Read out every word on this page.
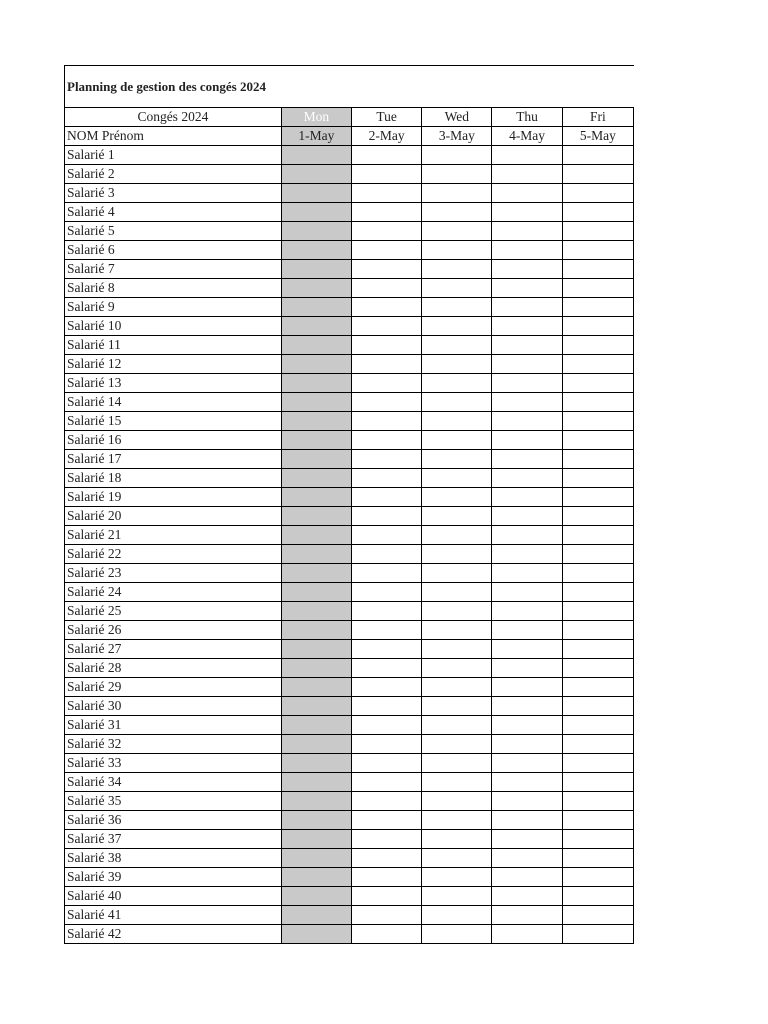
Planning de gestion des congés 2024
Congés 2024	Mon	Tue	Wed	Thu	Fri
NOM Prénom	1-May	2-May	3-May	4-May	5-May
Salarié 1					
Salarié 2					
Salarié 3					
Salarié 4					
Salarié 5					
Salarié 6					
Salarié 7					
Salarié 8					
Salarié 9					
Salarié 10					
Salarié 11					
Salarié 12					
Salarié 13					
Salarié 14					
Salarié 15					
Salarié 16					
Salarié 17					
Salarié 18					
Salarié 19					
Salarié 20					
Salarié 21					
Salarié 22					
Salarié 23					
Salarié 24					
Salarié 25					
Salarié 26					
Salarié 27					
Salarié 28					
Salarié 29					
Salarié 30					
Salarié 31					
Salarié 32					
Salarié 33					
Salarié 34					
Salarié 35					
Salarié 36					
Salarié 37					
Salarié 38					
Salarié 39					
Salarié 40					
Salarié 41					
Salarié 42					
